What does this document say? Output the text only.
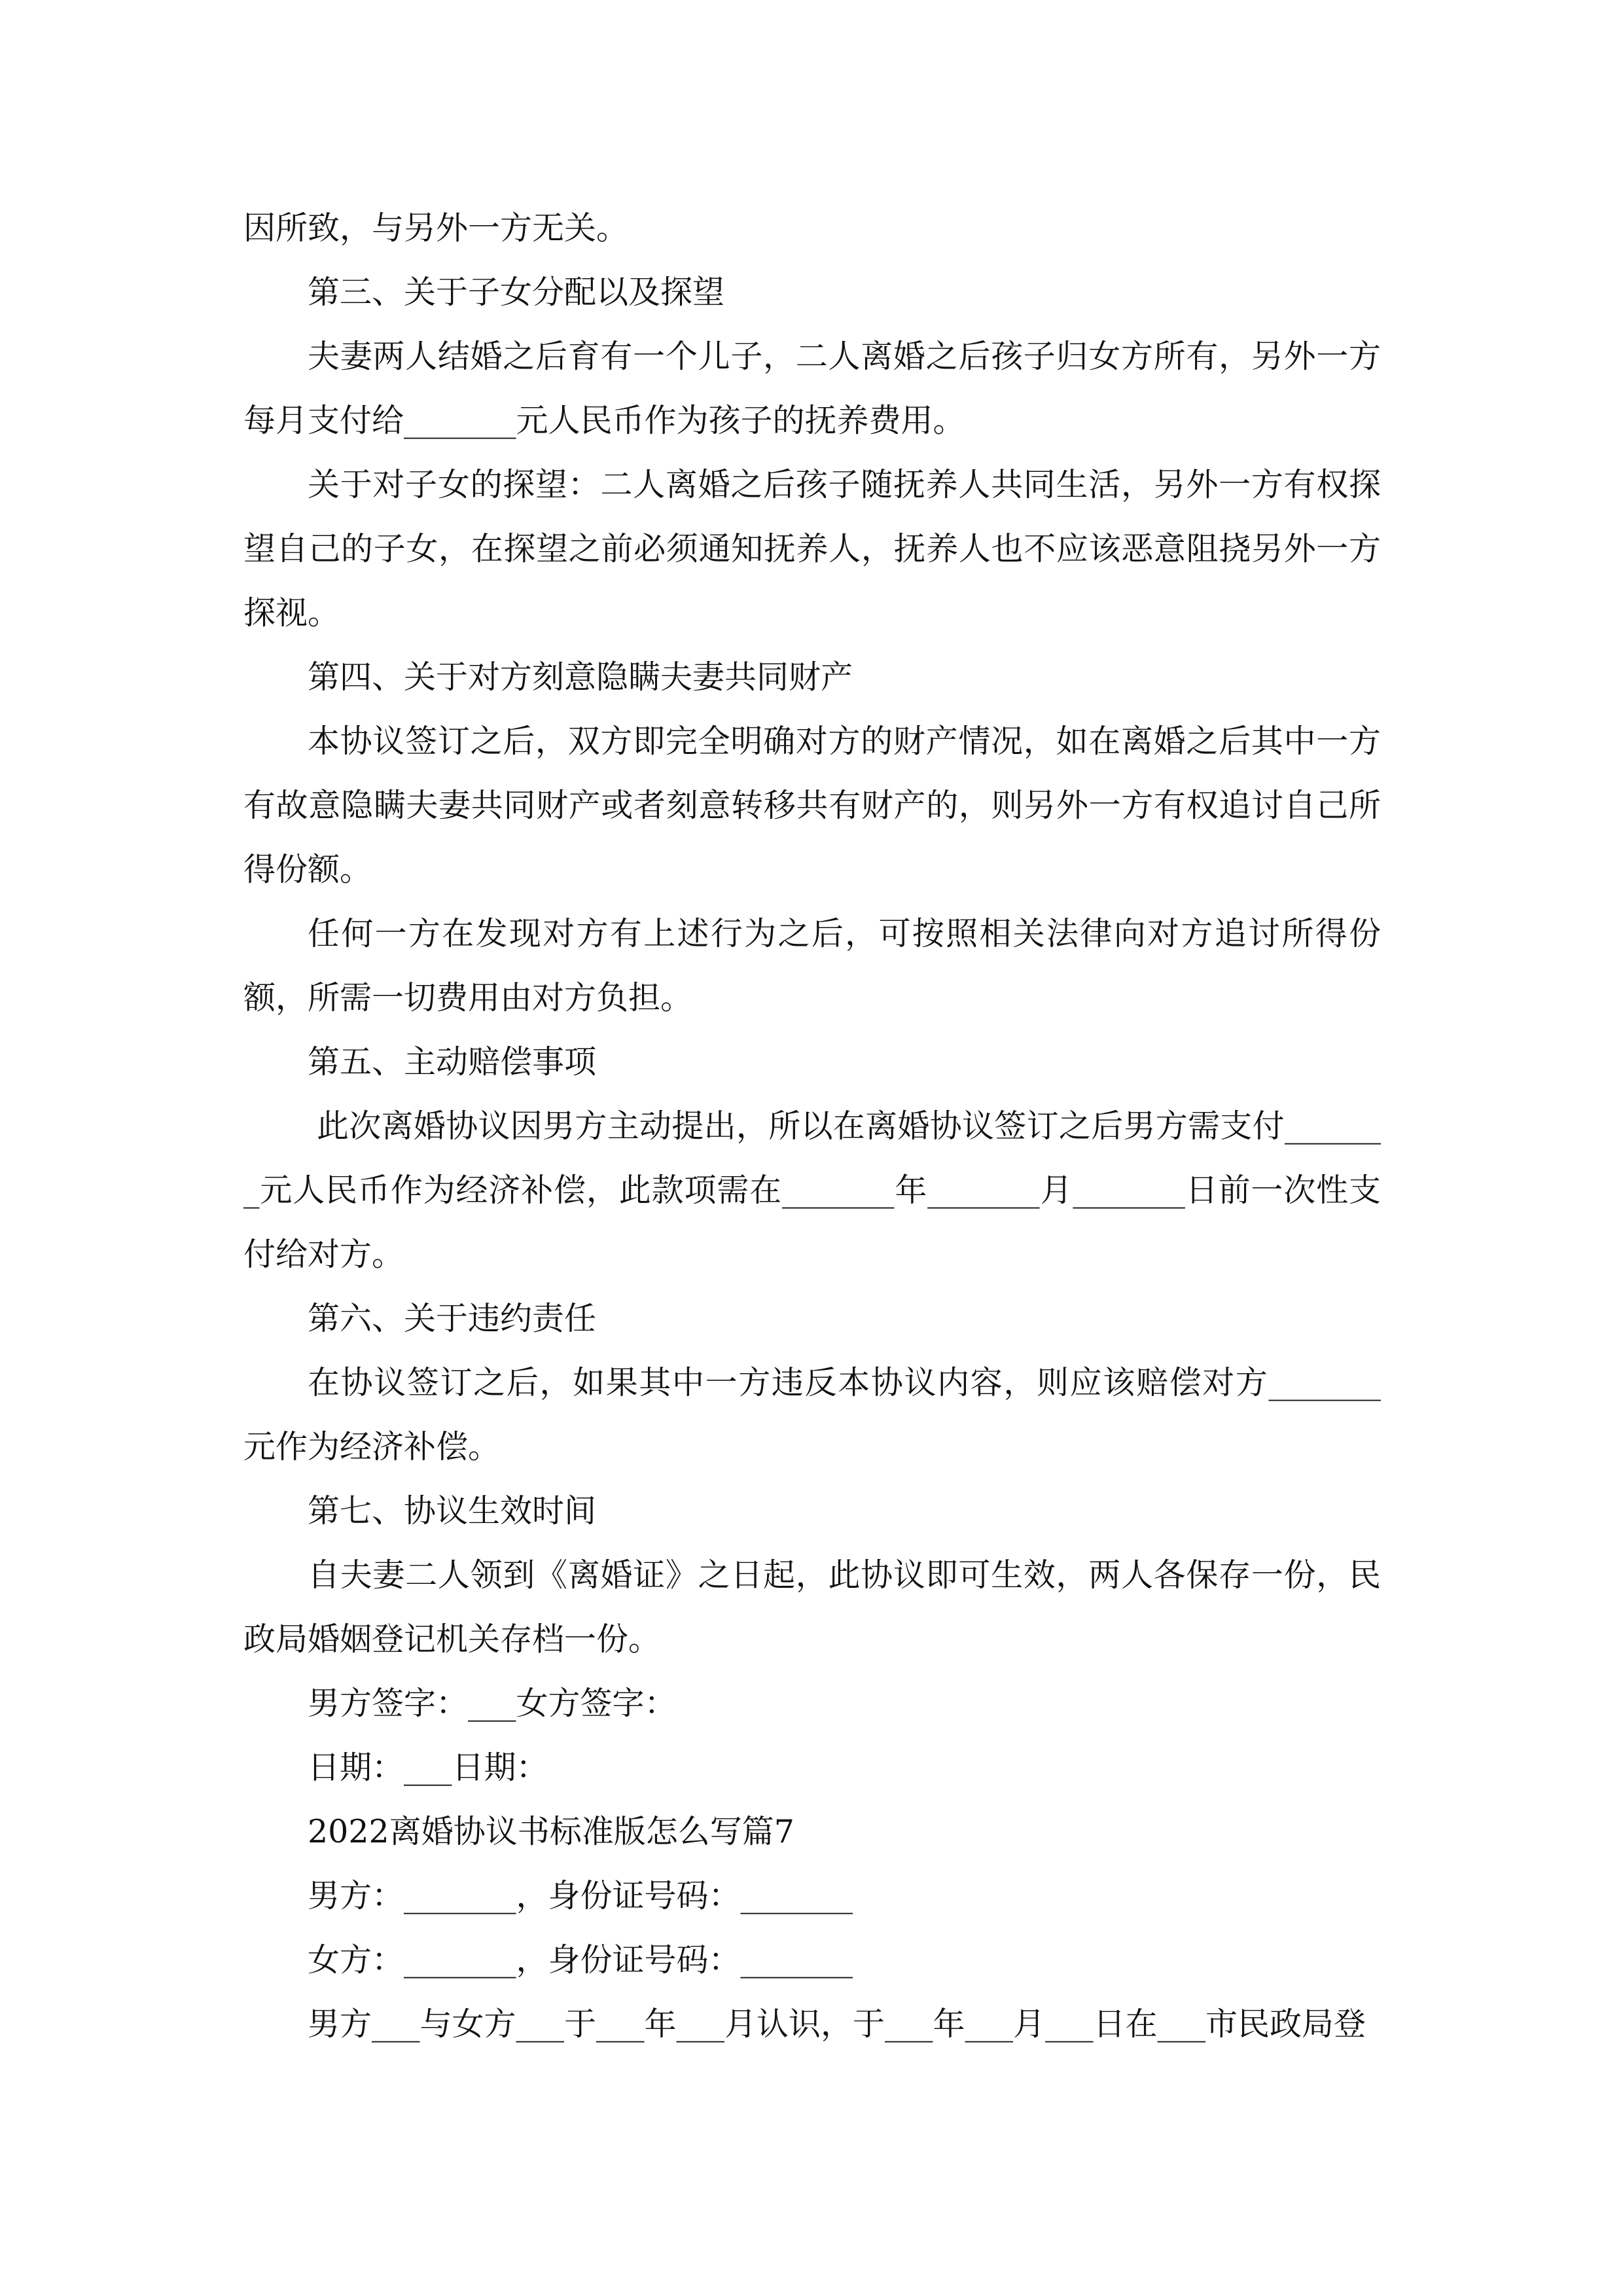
因所致，与另外一方无关。

第三、关于子女分配以及探望

夫妻两人结婚之后育有一个儿子，二人离婚之后孩子归女方所有，另外一方每月支付给_______元人民币作为孩子的抚养费用。

关于对子女的探望：二人离婚之后孩子随抚养人共同生活，另外一方有权探望自己的子女，在探望之前必须通知抚养人，抚养人也不应该恶意阻挠另外一方探视。

第四、关于对方刻意隐瞒夫妻共同财产

本协议签订之后，双方即完全明确对方的财产情况，如在离婚之后其中一方有故意隐瞒夫妻共同财产或者刻意转移共有财产的，则另外一方有权追讨自己所得份额。

任何一方在发现对方有上述行为之后，可按照相关法律向对方追讨所得份额，所需一切费用由对方负担。

第五、主动赔偿事项

此次离婚协议因男方主动提出，所以在离婚协议签订之后男方需支付_______元人民币作为经济补偿，此款项需在_______年_______月_______日前一次性支付给对方。

第六、关于违约责任

在协议签订之后，如果其中一方违反本协议内容，则应该赔偿对方_______元作为经济补偿。

第七、协议生效时间

自夫妻二人领到《离婚证》之日起，此协议即可生效，两人各保存一份，民政局婚姻登记机关存档一份。

男方签字：___女方签字：

日期：___日期：

2022离婚协议书标准版怎么写篇7

男方：_______，身份证号码：_______

女方：_______，身份证号码：_______

男方___与女方___于___年___月认识，于___年___月___日在___市民政局登
